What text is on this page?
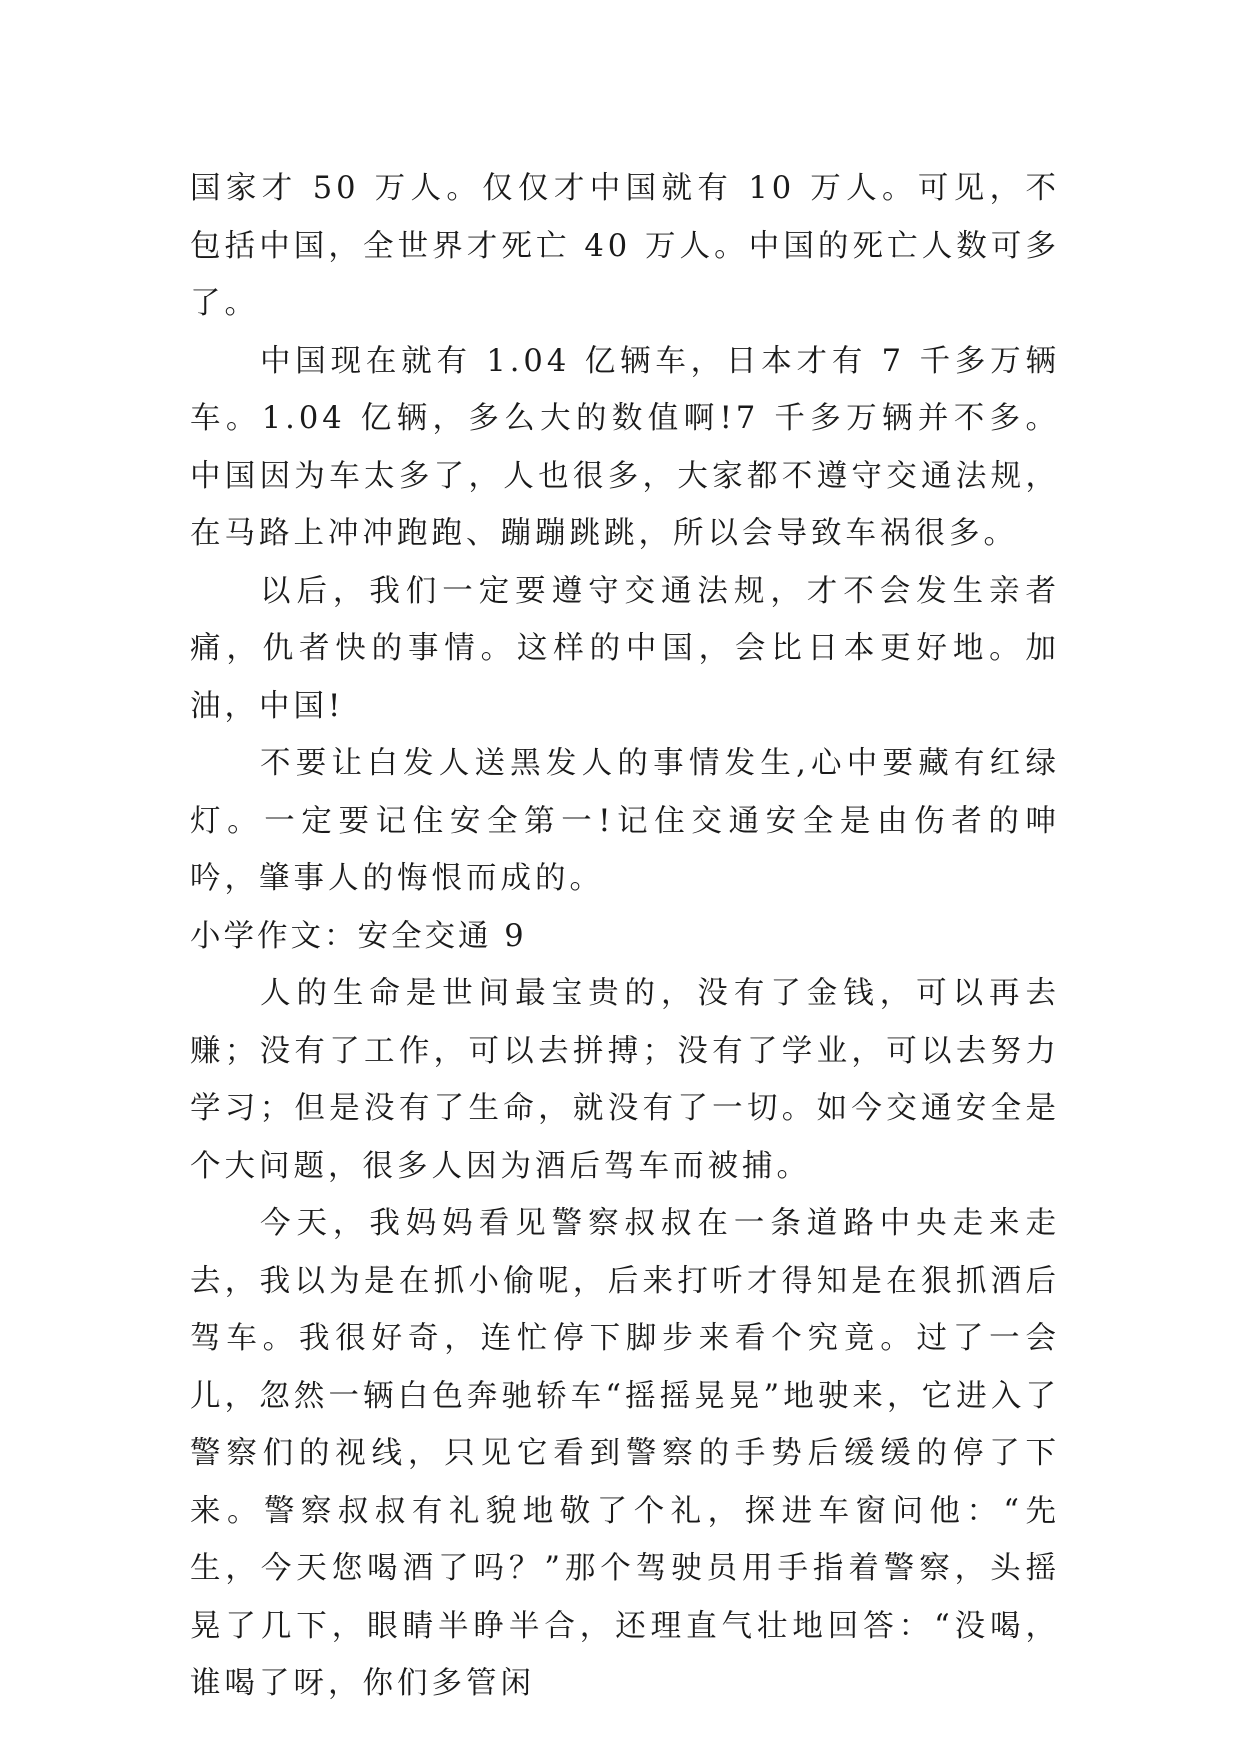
国家才 50 万人。仅仅才中国就有 10 万人。可见，不包括中国，全世界才死亡 40 万人。中国的死亡人数可多了。

中国现在就有 1.04 亿辆车，日本才有 7 千多万辆车。1.04 亿辆，多么大的数值啊!7 千多万辆并不多。中国因为车太多了，人也很多，大家都不遵守交通法规，在马路上冲冲跑跑、蹦蹦跳跳，所以会导致车祸很多。

以后，我们一定要遵守交通法规，才不会发生亲者痛，仇者快的事情。这样的中国，会比日本更好地。加油，中国!

不要让白发人送黑发人的事情发生,心中要藏有红绿灯。一定要记住安全第一!记住交通安全是由伤者的呻吟，肇事人的悔恨而成的。

小学作文：安全交通 9

人的生命是世间最宝贵的，没有了金钱，可以再去赚；没有了工作，可以去拼搏；没有了学业，可以去努力学习；但是没有了生命，就没有了一切。如今交通安全是个大问题，很多人因为酒后驾车而被捕。

今天，我妈妈看见警察叔叔在一条道路中央走来走去，我以为是在抓小偷呢，后来打听才得知是在狠抓酒后驾车。我很好奇，连忙停下脚步来看个究竟。过了一会儿，忽然一辆白色奔驰轿车“摇摇晃晃”地驶来，它进入了警察们的视线，只见它看到警察的手势后缓缓的停了下来。警察叔叔有礼貌地敬了个礼，探进车窗问他：“先生，今天您喝酒了吗？”那个驾驶员用手指着警察，头摇晃了几下，眼睛半睁半合，还理直气壮地回答：“没喝，谁喝了呀，你们多管闲
